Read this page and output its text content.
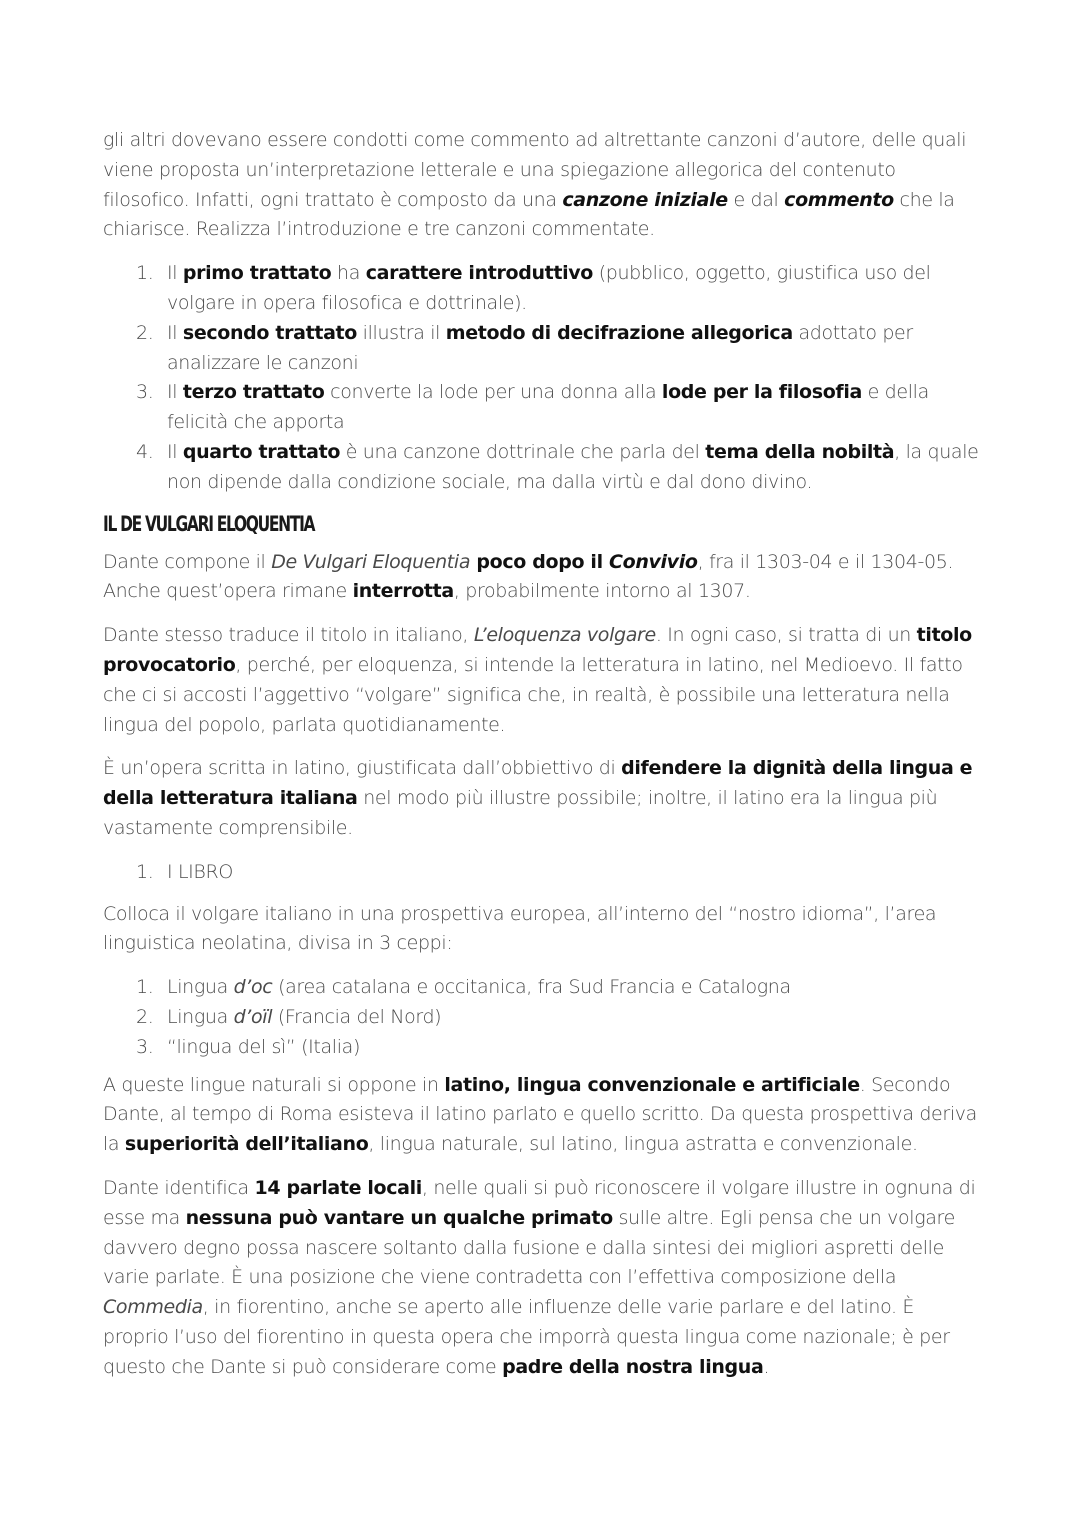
gli altri dovevano essere condotti come commento ad altrettante canzoni d’autore, delle quali viene proposta un’interpretazione letterale e una spiegazione allegorica del contenuto filosofico. Infatti, ogni trattato è composto da una canzone iniziale e dal commento che la chiarisce. Realizza l’introduzione e tre canzoni commentate.

1. Il primo trattato ha carattere introduttivo (pubblico, oggetto, giustifica uso del volgare in opera filosofica e dottrinale).
2. Il secondo trattato illustra il metodo di decifrazione allegorica adottato per analizzare le canzoni
3. Il terzo trattato converte la lode per una donna alla lode per la filosofia e della felicità che apporta
4. Il quarto trattato è una canzone dottrinale che parla del tema della nobiltà, la quale non dipende dalla condizione sociale, ma dalla virtù e dal dono divino.
IL DE VULGARI ELOQUENTIA

Dante compone il De Vulgari Eloquentia poco dopo il Convivio, fra il 1303-04 e il 1304-05. Anche quest’opera rimane interrotta, probabilmente intorno al 1307.

Dante stesso traduce il titolo in italiano, L’eloquenza volgare. In ogni caso, si tratta di un titolo provocatorio, perché, per eloquenza, si intende la letteratura in latino, nel Medioevo. Il fatto che ci si accosti l’aggettivo “volgare” significa che, in realtà, è possibile una letteratura nella lingua del popolo, parlata quotidianamente.

È un’opera scritta in latino, giustificata dall’obbiettivo di difendere la dignità della lingua e della letteratura italiana nel modo più illustre possibile; inoltre, il latino era la lingua più vastamente comprensibile.

1. I LIBRO

Colloca il volgare italiano in una prospettiva europea, all’interno del “nostro idioma”, l’area linguistica neolatina, divisa in 3 ceppi:

1. Lingua d’oc (area catalana e occitanica, fra Sud Francia e Catalogna
2. Lingua d’oïl (Francia del Nord)
3. “lingua del sì” (Italia)

A queste lingue naturali si oppone in latino, lingua convenzionale e artificiale. Secondo Dante, al tempo di Roma esisteva il latino parlato e quello scritto. Da questa prospettiva deriva la superiorità dell’italiano, lingua naturale, sul latino, lingua astratta e convenzionale.

Dante identifica 14 parlate locali, nelle quali si può riconoscere il volgare illustre in ognuna di esse ma nessuna può vantare un qualche primato sulle altre. Egli pensa che un volgare davvero degno possa nascere soltanto dalla fusione e dalla sintesi dei migliori aspretti delle varie parlate. È una posizione che viene contradetta con l’effettiva composizione della Commedia, in fiorentino, anche se aperto alle influenze delle varie parlare e del latino. È proprio l’uso del fiorentino in questa opera che imporrà questa lingua come nazionale; è per questo che Dante si può considerare come padre della nostra lingua.
